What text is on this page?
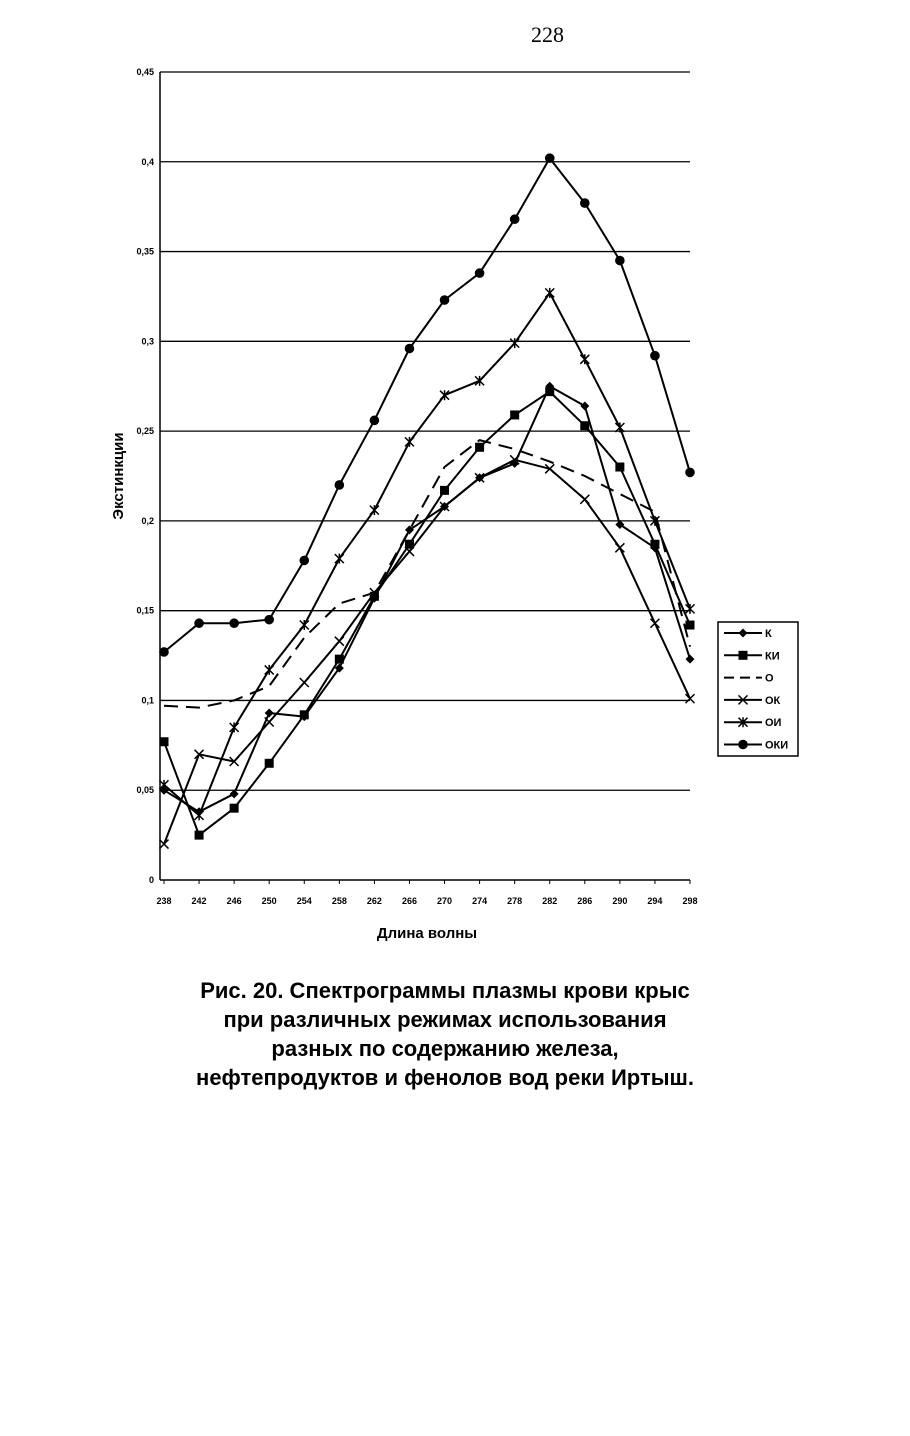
228
0
0,05
0,1
0,15
0,2
0,25
0,3
0,35
0,4
0,45
238 242 246 250 254 258 262 266 270 274 278 282 286 290 294 298
К
КИ
О
ОК
ОИ
ОКИ
Длина волны
Экстинкции
Рис. 20. Спектрограммы плазмы крови крыс
при различных режимах использования
разных по содержанию железа,
нефтепродуктов и фенолов вод реки Иртыш.
